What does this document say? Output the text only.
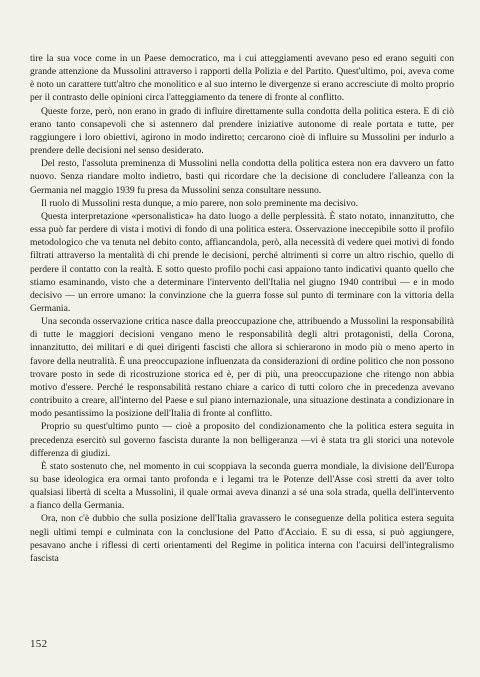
tire la sua voce come in un Paese democratico, ma i cui atteggiamenti avevano peso ed erano seguiti con grande attenzione da Mussolini attraverso i rapporti della Polizia e del Partito. Quest'ultimo, poi, aveva come è noto un carattere tutt'altro che monolitico e al suo interno le divergenze si erano accresciute di molto proprio per il contrasto delle opinioni circa l'atteggiamento da tenere di fronte al conflitto.

Queste forze, però, non erano in grado di influire direttamente sulla condotta della politica estera. E di ciò erano tanto consapevoli che si astennero dal prendere iniziative autonome di reale portata e tutte, per raggiungere i loro obiettivi, agirono in modo indiretto; cercarono cioè di influire su Mussolini per indurlo a prendere delle decisioni nel senso desiderato.

Del resto, l'assoluta preminenza di Mussolini nella condotta della politica estera non era davvero un fatto nuovo. Senza riandare molto indietro, basti qui ricordare che la decisione di concludere l'alleanza con la Germania nel maggio 1939 fu presa da Mussolini senza consultare nessuno.

Il ruolo di Mussolini resta dunque, a mio parere, non solo preminente ma decisivo.

Questa interpretazione «personalistica» ha dato luogo a delle perplessità. È stato notato, innanzitutto, che essa può far perdere di vista i motivi di fondo di una politica estera. Osservazione ineccepibile sotto il profilo metodologico che va tenuta nel debito conto, affiancandola, però, alla necessità di vedere quei motivi di fondo filtrati attraverso la mentalità di chi prende le decisioni, perché altrimenti si corre un altro rischio, quello di perdere il contatto con la realtà. E sotto questo profilo pochi casi appaiono tanto indicativi quanto quello che stiamo esaminando, visto che a determinare l'intervento dell'Italia nel giugno 1940 contribuì — e in modo decisivo — un errore umano: la convinzione che la guerra fosse sul punto di terminare con la vittoria della Germania.

Una seconda osservazione critica nasce dalla preoccupazione che, attribuendo a Mussolini la responsabilità di tutte le maggiori decisioni vengano meno le responsabilità degli altri protagonisti, della Corona, innanzitutto, dei militari e di quei dirigenti fascisti che allora si schierarono in modo più o meno aperto in favore della neutralità. È una preoccupazione influenzata da considerazioni di ordine politico che non possono trovare posto in sede di ricostruzione storica ed è, per di più, una preoccupazione che ritengo non abbia motivo d'essere. Perché le responsabilità restano chiare a carico di tutti coloro che in precedenza avevano contribuito a creare, all'interno del Paese e sul piano internazionale, una situazione destinata a condizionare in modo pesantissimo la posizione dell'Italia di fronte al conflitto.

Proprio su quest'ultimo punto — cioè a proposito del condizionamento che la politica estera seguita in precedenza esercitò sul governo fascista durante la non belligeranza —vi è stata tra gli storici una notevole differenza di giudizi.

È stato sostenuto che, nel momento in cui scoppiava la seconda guerra mondiale, la divisione dell'Europa su base ideologica era ormai tanto profonda e i legami tra le Potenze dell'Asse così stretti da aver tolto qualsiasi libertà di scelta a Mussolini, il quale ormai aveva dinanzi a sé una sola strada, quella dell'intervento a fianco della Germania.

Ora, non c'è dubbio che sulla posizione dell'Italia gravassero le conseguenze della politica estera seguita negli ultimi tempi e culminata con la conclusione del Patto d'Acciaio. E su di essa, si può aggiungere, pesavano anche i riflessi di certi orientamenti del Regime in politica interna con l'acuirsi dell'integralismo fascista

152
